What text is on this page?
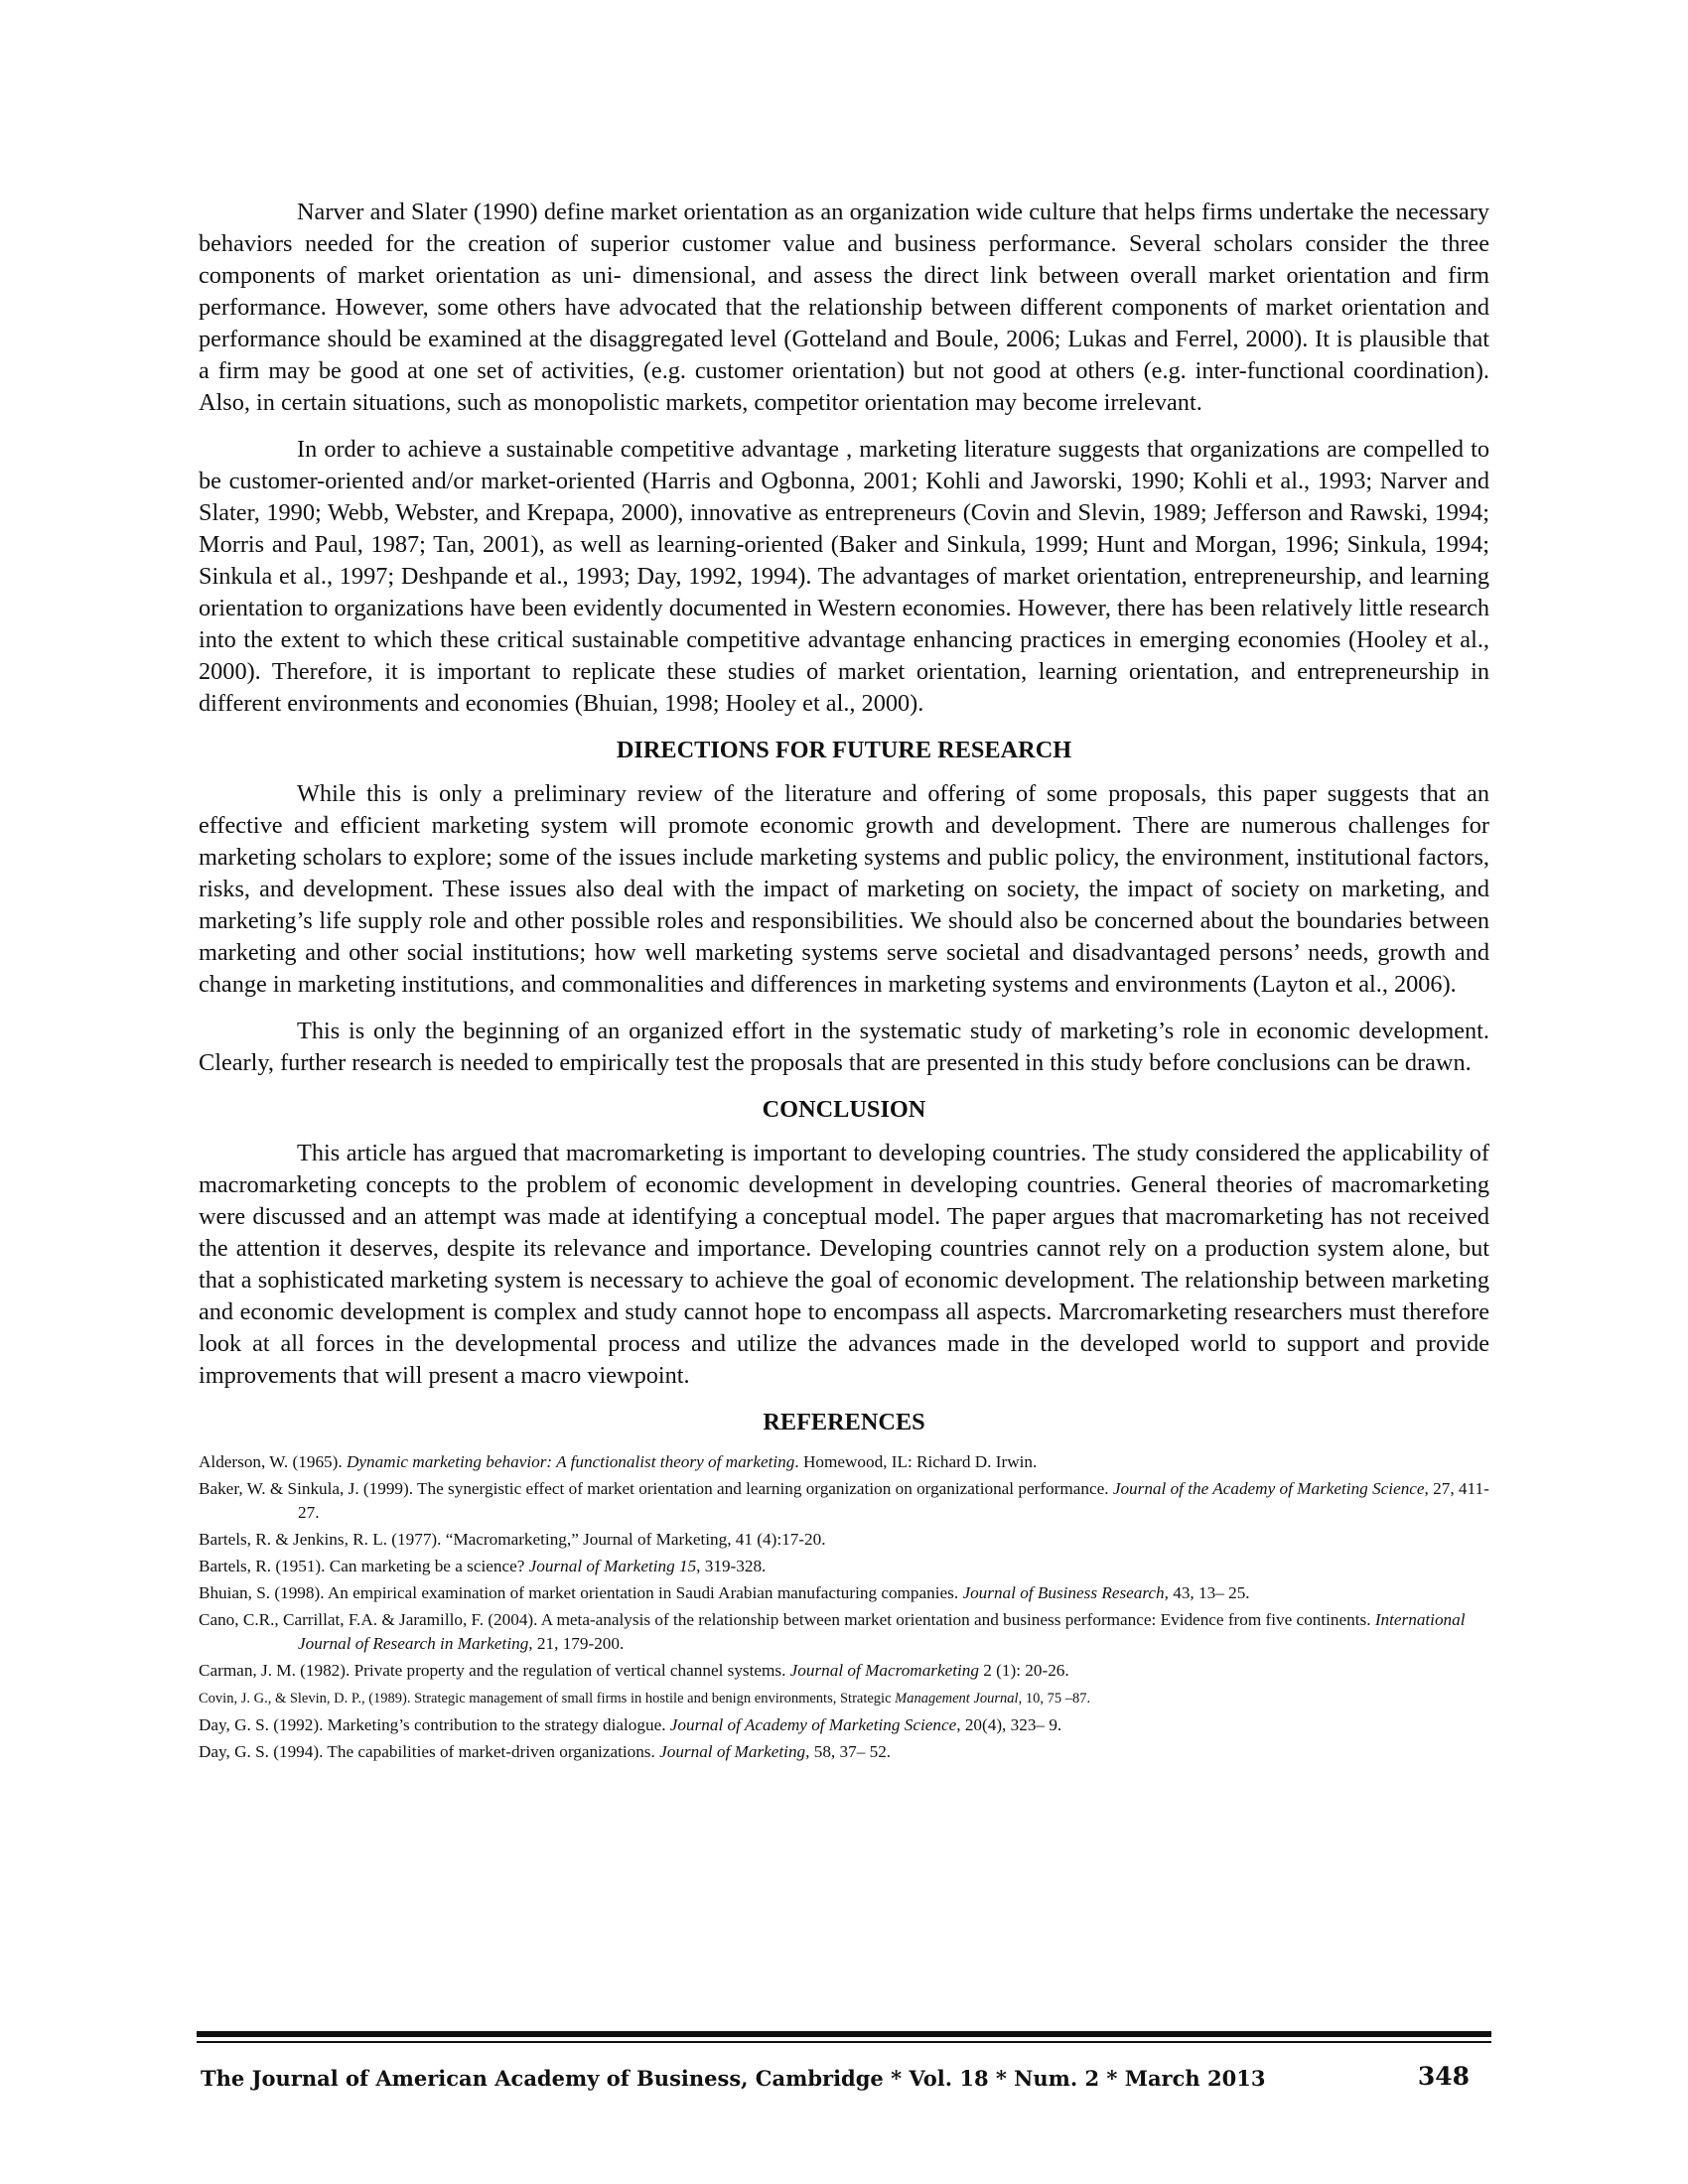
Narver and Slater (1990) define market orientation as an organization wide culture that helps firms undertake the necessary behaviors needed for the creation of superior customer value and business performance. Several scholars consider the three components of market orientation as uni- dimensional, and assess the direct link between overall market orientation and firm performance. However, some others have advocated that the relationship between different components of market orientation and performance should be examined at the disaggregated level (Gotteland and Boule, 2006; Lukas and Ferrel, 2000). It is plausible that a firm may be good at one set of activities, (e.g. customer orientation) but not good at others (e.g. inter-functional coordination). Also, in certain situations, such as monopolistic markets, competitor orientation may become irrelevant.

In order to achieve a sustainable competitive advantage , marketing literature suggests that organizations are compelled to be customer-oriented and/or market-oriented (Harris and Ogbonna, 2001; Kohli and Jaworski, 1990; Kohli et al., 1993; Narver and Slater, 1990; Webb, Webster, and Krepapa, 2000), innovative as entrepreneurs (Covin and Slevin, 1989; Jefferson and Rawski, 1994; Morris and Paul, 1987; Tan, 2001), as well as learning-oriented (Baker and Sinkula, 1999; Hunt and Morgan, 1996; Sinkula, 1994; Sinkula et al., 1997; Deshpande et al., 1993; Day, 1992, 1994). The advantages of market orientation, entrepreneurship, and learning orientation to organizations have been evidently documented in Western economies. However, there has been relatively little research into the extent to which these critical sustainable competitive advantage enhancing practices in emerging economies (Hooley et al., 2000). Therefore, it is important to replicate these studies of market orientation, learning orientation, and entrepreneurship in different environments and economies (Bhuian, 1998; Hooley et al., 2000).

DIRECTIONS FOR FUTURE RESEARCH

While this is only a preliminary review of the literature and offering of some proposals, this paper suggests that an effective and efficient marketing system will promote economic growth and development. There are numerous challenges for marketing scholars to explore; some of the issues include marketing systems and public policy, the environment, institutional factors, risks, and development. These issues also deal with the impact of marketing on society, the impact of society on marketing, and marketing’s life supply role and other possible roles and responsibilities. We should also be concerned about the boundaries between marketing and other social institutions; how well marketing systems serve societal and disadvantaged persons’ needs, growth and change in marketing institutions, and commonalities and differences in marketing systems and environments (Layton et al., 2006).

This is only the beginning of an organized effort in the systematic study of marketing’s role in economic development. Clearly, further research is needed to empirically test the proposals that are presented in this study before conclusions can be drawn.

CONCLUSION

This article has argued that macromarketing is important to developing countries. The study considered the applicability of macromarketing concepts to the problem of economic development in developing countries. General theories of macromarketing were discussed and an attempt was made at identifying a conceptual model. The paper argues that macromarketing has not received the attention it deserves, despite its relevance and importance. Developing countries cannot rely on a production system alone, but that a sophisticated marketing system is necessary to achieve the goal of economic development. The relationship between marketing and economic development is complex and study cannot hope to encompass all aspects. Marcromarketing researchers must therefore look at all forces in the developmental process and utilize the advances made in the developed world to support and provide improvements that will present a macro viewpoint.

REFERENCES

Alderson, W. (1965). Dynamic marketing behavior: A functionalist theory of marketing. Homewood, IL: Richard D. Irwin.

Baker, W. & Sinkula, J. (1999). The synergistic effect of market orientation and learning organization on organizational performance. Journal of the Academy of Marketing Science, 27, 411-27.

Bartels, R. & Jenkins, R. L. (1977). “Macromarketing,” Journal of Marketing, 41 (4):17-20.

Bartels, R. (1951). Can marketing be a science? Journal of Marketing 15, 319-328.

Bhuian, S. (1998). An empirical examination of market orientation in Saudi Arabian manufacturing companies. Journal of Business Research, 43, 13– 25.

Cano, C.R., Carrillat, F.A. & Jaramillo, F. (2004). A meta-analysis of the relationship between market orientation and business performance: Evidence from five continents. International Journal of Research in Marketing, 21, 179-200.

Carman, J. M. (1982). Private property and the regulation of vertical channel systems. Journal of Macromarketing 2 (1): 20-26.

Covin, J. G., & Slevin, D. P., (1989). Strategic management of small firms in hostile and benign environments, Strategic Management Journal, 10, 75 –87.

Day, G. S. (1992). Marketing’s contribution to the strategy dialogue. Journal of Academy of Marketing Science, 20(4), 323– 9.

Day, G. S. (1994). The capabilities of market-driven organizations. Journal of Marketing, 58, 37– 52.

The Journal of American Academy of Business, Cambridge * Vol. 18 * Num. 2 * March 2013	348
